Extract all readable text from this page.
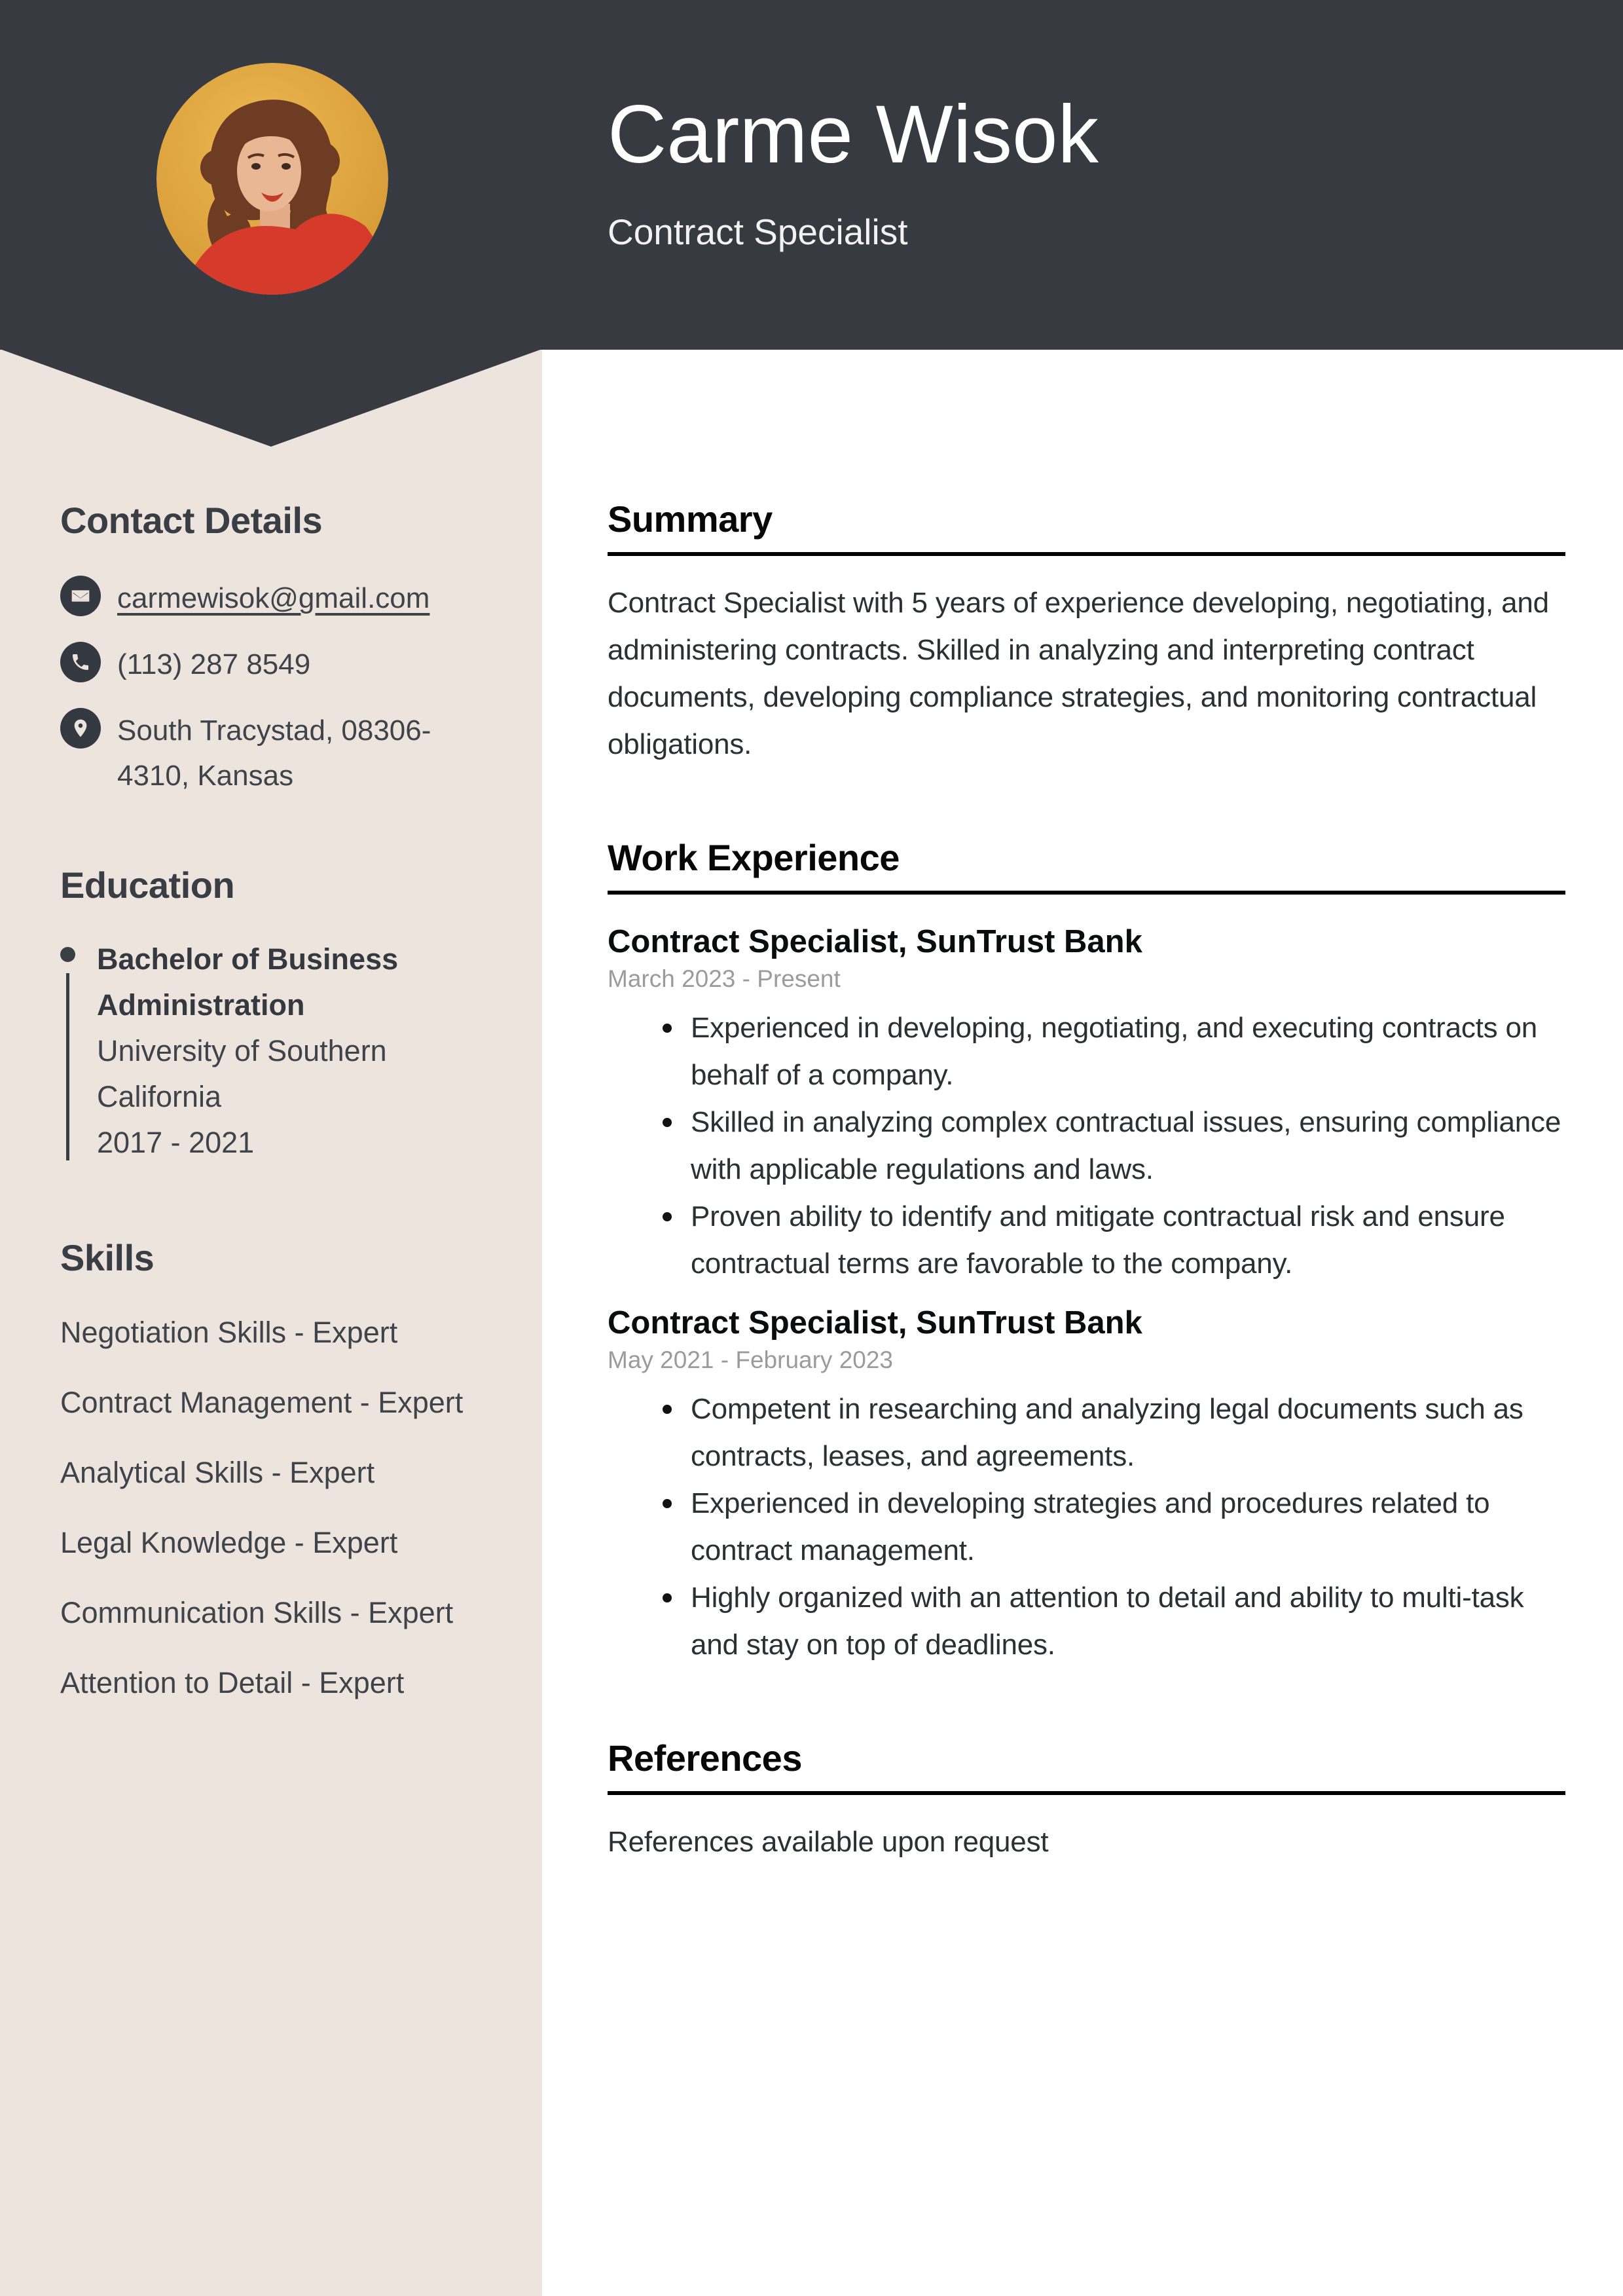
Contact Details
carmewisok@gmail.com
(113) 287 8549
South Tracystad, 08306-4310, Kansas
Education
Bachelor of Business Administration
University of Southern California
2017 - 2021
Skills
Negotiation Skills - Expert
Contract Management - Expert
Analytical Skills - Expert
Legal Knowledge - Expert
Communication Skills - Expert
Attention to Detail - Expert
Carme Wisok
Contract Specialist
Summary

Contract Specialist with 5 years of experience developing, negotiating, and administering contracts. Skilled in analyzing and interpreting contract documents, developing compliance strategies, and monitoring contractual obligations.

Work Experience
Contract Specialist, SunTrust Bank
March 2023 - Present
Experienced in developing, negotiating, and executing contracts on behalf of a company.
Skilled in analyzing complex contractual issues, ensuring compliance with applicable regulations and laws.
Proven ability to identify and mitigate contractual risk and ensure contractual terms are favorable to the company.
Contract Specialist, SunTrust Bank
May 2021 - February 2023
Competent in researching and analyzing legal documents such as contracts, leases, and agreements.
Experienced in developing strategies and procedures related to contract management.
Highly organized with an attention to detail and ability to multi-task and stay on top of deadlines.
References

References available upon request
